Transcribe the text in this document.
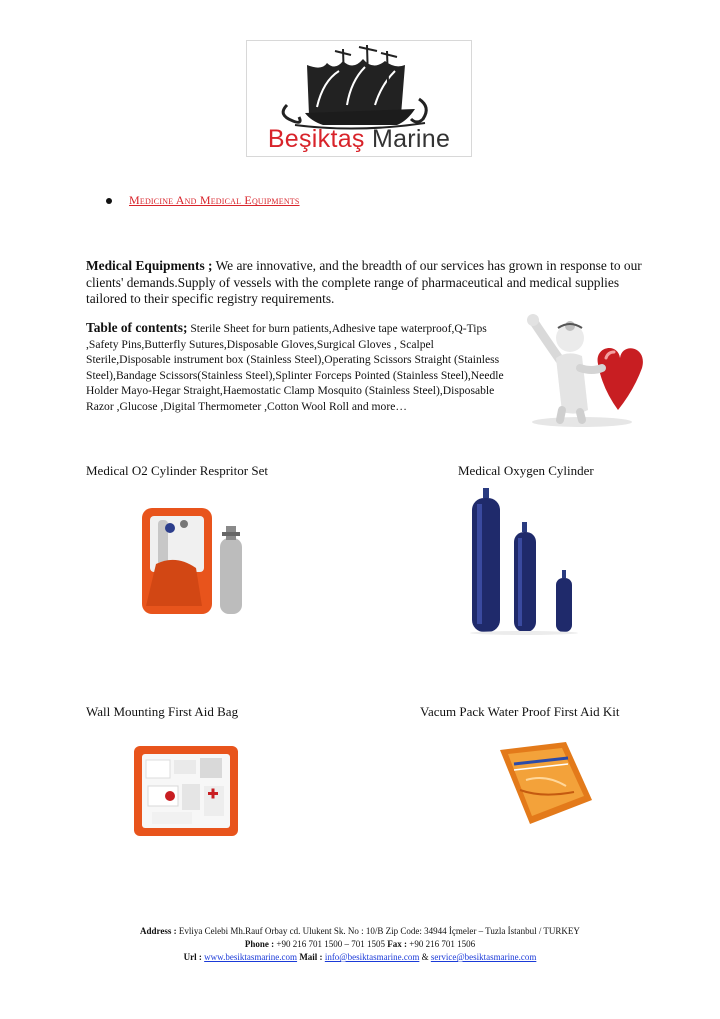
Beşiktaş Marine
Medicine And Medical Equipments
Medical Equipments ; We are innovative, and the breadth of our services has grown in response to our clients' demands.Supply of vessels with the complete range of pharmaceutical and medical supplies tailored to their specific registry requirements.
Table of contents; Sterile Sheet for burn patients,Adhesive tape waterproof,Q-Tips ,Safety Pins,Butterfly Sutures,Disposable Gloves,Surgical Gloves , Scalpel Sterile,Disposable instrument box (Stainless Steel),Operating Scissors Straight (Stainless Steel),Bandage Scissors(Stainless Steel),Splinter Forceps Pointed (Stainless Steel),Needle Holder Mayo-Hegar Straight,Haemostatic Clamp Mosquito (Stainless Steel),Disposable Razor ,Glucose ,Digital Thermometer ,Cotton Wool Roll and more…
Medical O2 Cylinder Respritor Set	Medical Oxygen Cylinder
Wall Mounting First Aid Bag	Vacum Pack Water Proof First Aid Kit
Address : Evliya Celebi Mh.Rauf Orbay cd. Ulukent Sk. No : 10/B Zip Code: 34944 İçmeler – Tuzla İstanbul / TURKEY
Phone : +90 216 701 1500 – 701 1505 Fax : +90 216 701 1506
Url : www.besiktasmarine.com Mail : info@besiktasmarine.com & service@besiktasmarine.com
